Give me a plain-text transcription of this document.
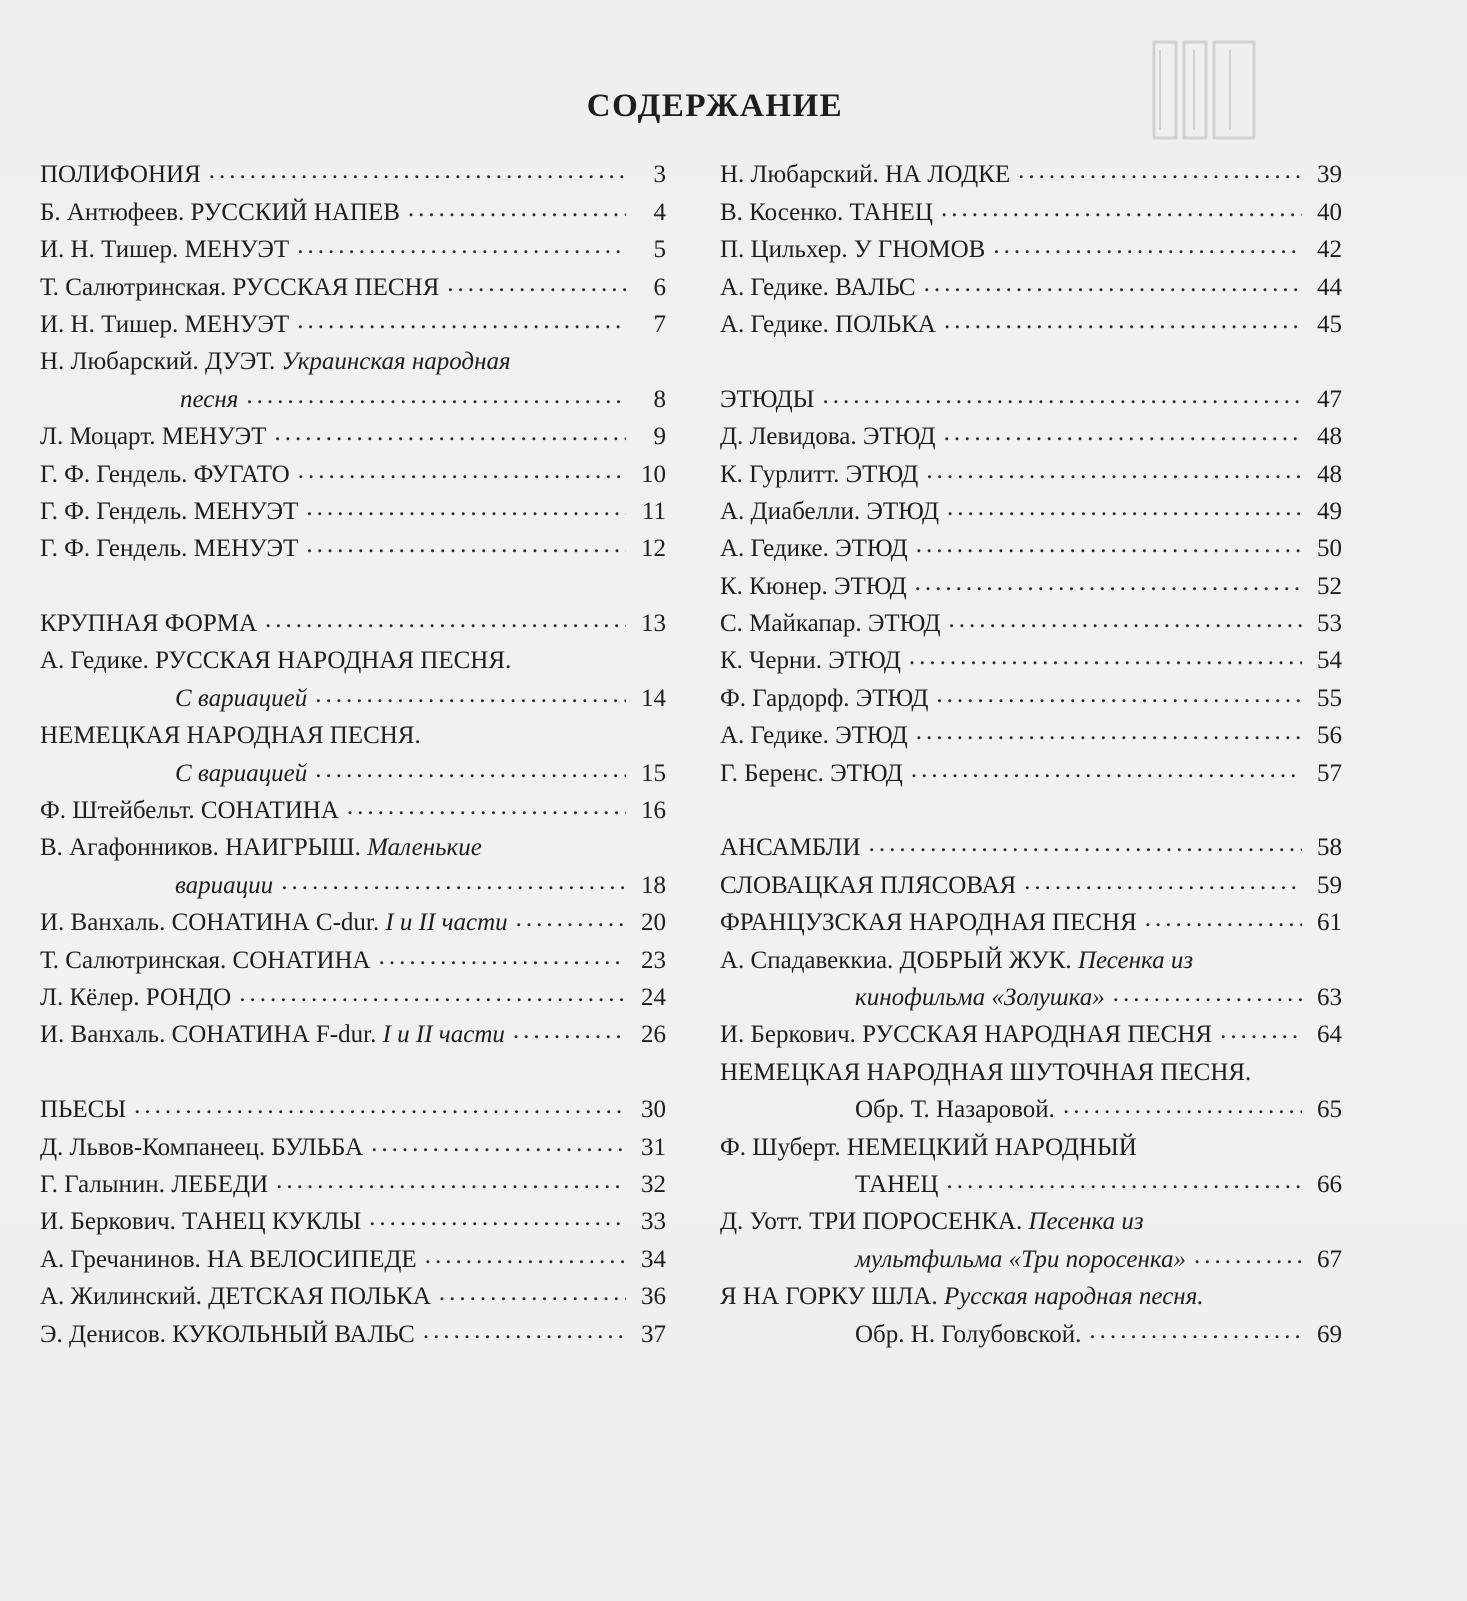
СОДЕРЖАНИЕ
ПОЛИФОНИЯ .....	3
Б. Антюфеев. РУССКИЙ НАПЕВ .....	4
И. Н. Тишер. МЕНУЭТ .....	5
Т. Салютринская. РУССКАЯ ПЕСНЯ .....	6
И. Н. Тишер. МЕНУЭТ .....	7
Н. Любарский. ДУЭТ. Украинская народная
песня .....	8
Л. Моцарт. МЕНУЭТ .....	9
Г. Ф. Гендель. ФУГАТО .....	10
Г. Ф. Гендель. МЕНУЭТ .....	11
Г. Ф. Гендель. МЕНУЭТ .....	12
КРУПНАЯ ФОРМА .....	13
А. Гедике. РУССКАЯ НАРОДНАЯ ПЕСНЯ.
С вариацией .....	14
НЕМЕЦКАЯ НАРОДНАЯ ПЕСНЯ.
С вариацией .....	15
Ф. Штейбельт. СОНАТИНА .....	16
В. Агафонников. НАИГРЫШ. Маленькие
вариации .....	18
И. Ванхаль. СОНАТИНА C-dur. I и II части .....	20
Т. Салютринская. СОНАТИНА .....	23
Л. Кёлер. РОНДО .....	24
И. Ванхаль. СОНАТИНА F-dur. I и II части .....	26
ПЬЕСЫ .....	30
Д. Львов-Компанеец. БУЛЬБА .....	31
Г. Галынин. ЛЕБЕДИ .....	32
И. Беркович. ТАНЕЦ КУКЛЫ .....	33
А. Гречанинов. НА ВЕЛОСИПЕДЕ .....	34
А. Жилинский. ДЕТСКАЯ ПОЛЬКА .....	36
Э. Денисов. КУКОЛЬНЫЙ ВАЛЬС .....	37
Н. Любарский. НА ЛОДКЕ .....	39
В. Косенко. ТАНЕЦ .....	40
П. Цильхер. У ГНОМОВ .....	42
А. Гедике. ВАЛЬС .....	44
А. Гедике. ПОЛЬКА .....	45
ЭТЮДЫ .....	47
Д. Левидова. ЭТЮД .....	48
К. Гурлитт. ЭТЮД .....	48
А. Диабелли. ЭТЮД .....	49
А. Гедике. ЭТЮД .....	50
К. Кюнер. ЭТЮД .....	52
С. Майкапар. ЭТЮД .....	53
К. Черни. ЭТЮД .....	54
Ф. Гардорф. ЭТЮД .....	55
А. Гедике. ЭТЮД .....	56
Г. Беренс. ЭТЮД .....	57
АНСАМБЛИ .....	58
СЛОВАЦКАЯ ПЛЯСОВАЯ .....	59
ФРАНЦУЗСКАЯ НАРОДНАЯ ПЕСНЯ .....	61
А. Спадавеккиа. ДОБРЫЙ ЖУК. Песенка из
кинофильма «Золушка» .....	63
И. Беркович. РУССКАЯ НАРОДНАЯ ПЕСНЯ .....	64
НЕМЕЦКАЯ НАРОДНАЯ ШУТОЧНАЯ ПЕСНЯ.
Обр. Т. Назаровой. .....	65
Ф. Шуберт. НЕМЕЦКИЙ НАРОДНЫЙ
ТАНЕЦ .....	66
Д. Уотт. ТРИ ПОРОСЕНКА. Песенка из
мультфильма «Три поросенка» .....	67
Я НА ГОРКУ ШЛА. Русская народная песня.
Обр. Н. Голубовской. .....	69
